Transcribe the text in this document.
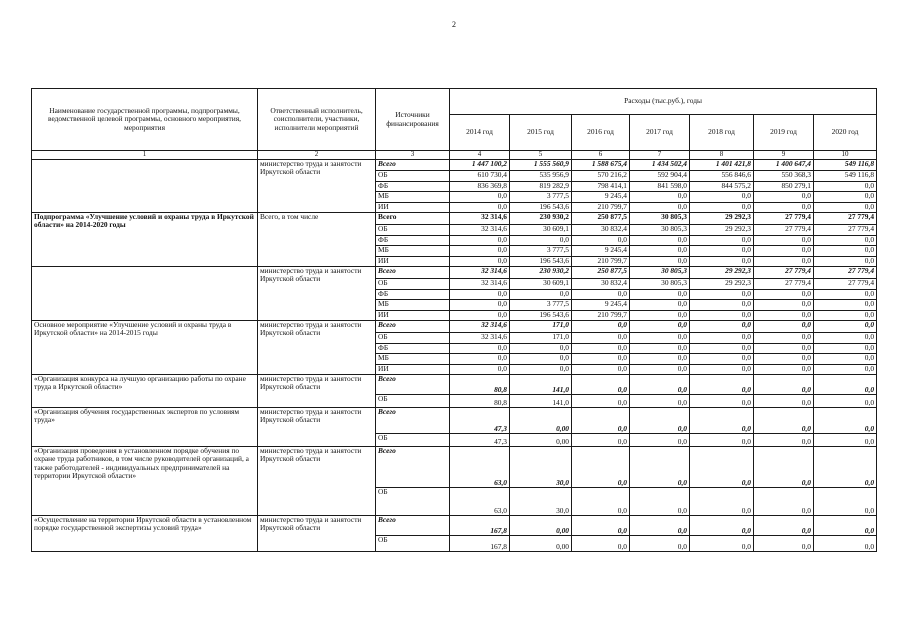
2
Наименование государственной программы, подпрограммы, ведомственной целевой программы, основного мероприятия, мероприятия	Ответственный исполнитель, соисполнители, участники, исполнители мероприятий	Источники финансирования	Расходы (тыс.руб.), годы						
			2014 год	2015 год	2016 год	2017 год	2018 год	2019 год	2020 год
1	2	3	4	5	6	7	8	9	10
	министерство труда и занятости Иркутской области	Всего	1 447 100,2	1 555 560,9	1 588 675,4	1 434 502,4	1 401 421,8	1 400 647,4	549 116,8
		ОБ	610 730,4	535 956,9	570 216,2	592 904,4	556 846,6	550 368,3	549 116,8
		ФБ	836 369,8	819 282,9	798 414,1	841 598,0	844 575,2	850 279,1	0,0
		МБ	0,0	3 777,5	9 245,4	0,0	0,0	0,0	0,0
		ИИ	0,0	196 543,6	210 799,7	0,0	0,0	0,0	0,0
Подпрограмма «Улучшение условий и охраны труда в Иркутской области» на 2014-2020 годы	Всего, в том числе	Всего	32 314,6	230 930,2	250 877,5	30 805,3	29 292,3	27 779,4	27 779,4
		ОБ	32 314,6	30 609,1	30 832,4	30 805,3	29 292,3	27 779,4	27 779,4
		ФБ	0,0	0,0	0,0	0,0	0,0	0,0	0,0
		МБ	0,0	3 777,5	9 245,4	0,0	0,0	0,0	0,0
		ИИ	0,0	196 543,6	210 799,7	0,0	0,0	0,0	0,0
	министерство труда и занятости Иркутской области	Всего	32 314,6	230 930,2	250 877,5	30 805,3	29 292,3	27 779,4	27 779,4
		ОБ	32 314,6	30 609,1	30 832,4	30 805,3	29 292,3	27 779,4	27 779,4
		ФБ	0,0	0,0	0,0	0,0	0,0	0,0	0,0
		МБ	0,0	3 777,5	9 245,4	0,0	0,0	0,0	0,0
		ИИ	0,0	196 543,6	210 799,7	0,0	0,0	0,0	0,0
Основное мероприятие «Улучшение условий и охраны труда в Иркутской области» на 2014-2015 годы	министерство труда и занятости Иркутской области	Всего	32 314,6	171,0	0,0	0,0	0,0	0,0	0,0
		ОБ	32 314,6	171,0	0,0	0,0	0,0	0,0	0,0
		ФБ	0,0	0,0	0,0	0,0	0,0	0,0	0,0
		МБ	0,0	0,0	0,0	0,0	0,0	0,0	0,0
		ИИ	0,0	0,0	0,0	0,0	0,0	0,0	0,0
«Организация конкурса на лучшую организацию работы по охране труда в Иркутской области»	министерство труда и занятости Иркутской области	Всего	80,8	141,0	0,0	0,0	0,0	0,0	0,0
		ОБ	80,8	141,0	0,0	0,0	0,0	0,0	0,0
«Организация обучения государственных экспертов по условиям труда»	министерство труда и занятости Иркутской области	Всего	47,3	0,00	0,0	0,0	0,0	0,0	0,0
		ОБ	47,3	0,00	0,0	0,0	0,0	0,0	0,0
«Организация проведения в установленном порядке обучения по охране труда работников, в том числе руководителей организаций, а также работодателей - индивидуальных предпринимателей на территории Иркутской области»	министерство труда и занятости Иркутской области	Всего	63,0	30,0	0,0	0,0	0,0	0,0	0,0
		ОБ	63,0	30,0	0,0	0,0	0,0	0,0	0,0
«Осуществление на территории Иркутской области в установленном порядке государственной экспертизы условий труда»	министерство труда и занятости Иркутской области	Всего	167,8	0,00	0,0	0,0	0,0	0,0	0,0
		ОБ	167,8	0,00	0,0	0,0	0,0	0,0	0,0
